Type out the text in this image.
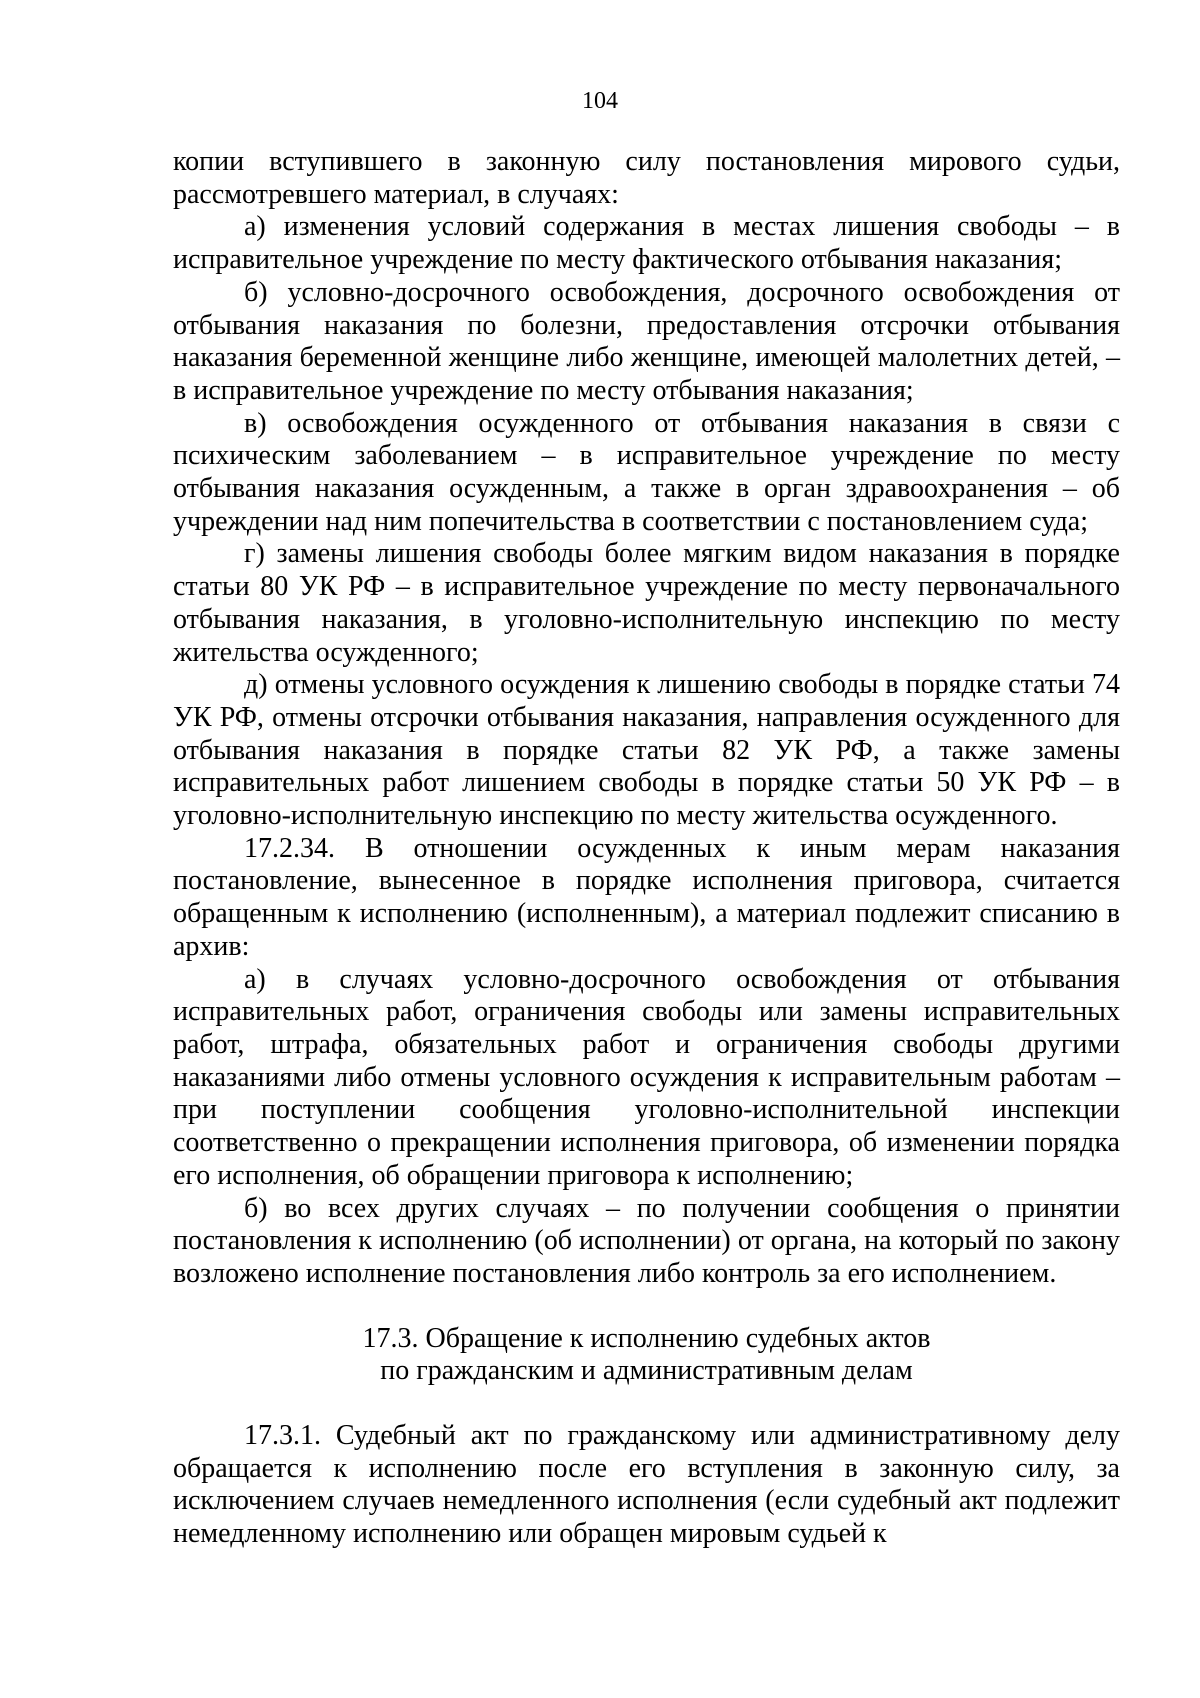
104

копии вступившего в законную силу постановления мирового судьи, рассмотревшего материал, в случаях:

а) изменения условий содержания в местах лишения свободы – в исправительное учреждение по месту фактического отбывания наказания;

б) условно-досрочного освобождения, досрочного освобождения от отбывания наказания по болезни, предоставления отсрочки отбывания наказания беременной женщине либо женщине, имеющей малолетних детей, – в исправительное учреждение по месту отбывания наказания;

в) освобождения осужденного от отбывания наказания в связи с психическим заболеванием – в исправительное учреждение по месту отбывания наказания осужденным, а также в орган здравоохранения – об учреждении над ним попечительства в соответствии с постановлением суда;

г) замены лишения свободы более мягким видом наказания в порядке статьи 80 УК РФ – в исправительное учреждение по месту первоначального отбывания наказания, в уголовно-исполнительную инспекцию по месту жительства осужденного;

д) отмены условного осуждения к лишению свободы в порядке статьи 74 УК РФ, отмены отсрочки отбывания наказания, направления осужденного для отбывания наказания в порядке статьи 82 УК РФ, а также замены исправительных работ лишением свободы в порядке статьи 50 УК РФ – в уголовно-исполнительную инспекцию по месту жительства осужденного.

17.2.34. В отношении осужденных к иным мерам наказания постановление, вынесенное в порядке исполнения приговора, считается обращенным к исполнению (исполненным), а материал подлежит списанию в архив:

а) в случаях условно-досрочного освобождения от отбывания исправительных работ, ограничения свободы или замены исправительных работ, штрафа, обязательных работ и ограничения свободы другими наказаниями либо отмены условного осуждения к исправительным работам – при поступлении сообщения уголовно-исполнительной инспекции соответственно о прекращении исполнения приговора, об изменении порядка его исполнения, об обращении приговора к исполнению;

б) во всех других случаях – по получении сообщения о принятии постановления к исполнению (об исполнении) от органа, на который по закону возложено исполнение постановления либо контроль за его исполнением.

17.3. Обращение к исполнению судебных актов
по гражданским и административным делам

17.3.1. Судебный акт по гражданскому или административному делу обращается к исполнению после его вступления в законную силу, за исключением случаев немедленного исполнения (если судебный акт подлежит немедленному исполнению или обращен мировым судьей к
